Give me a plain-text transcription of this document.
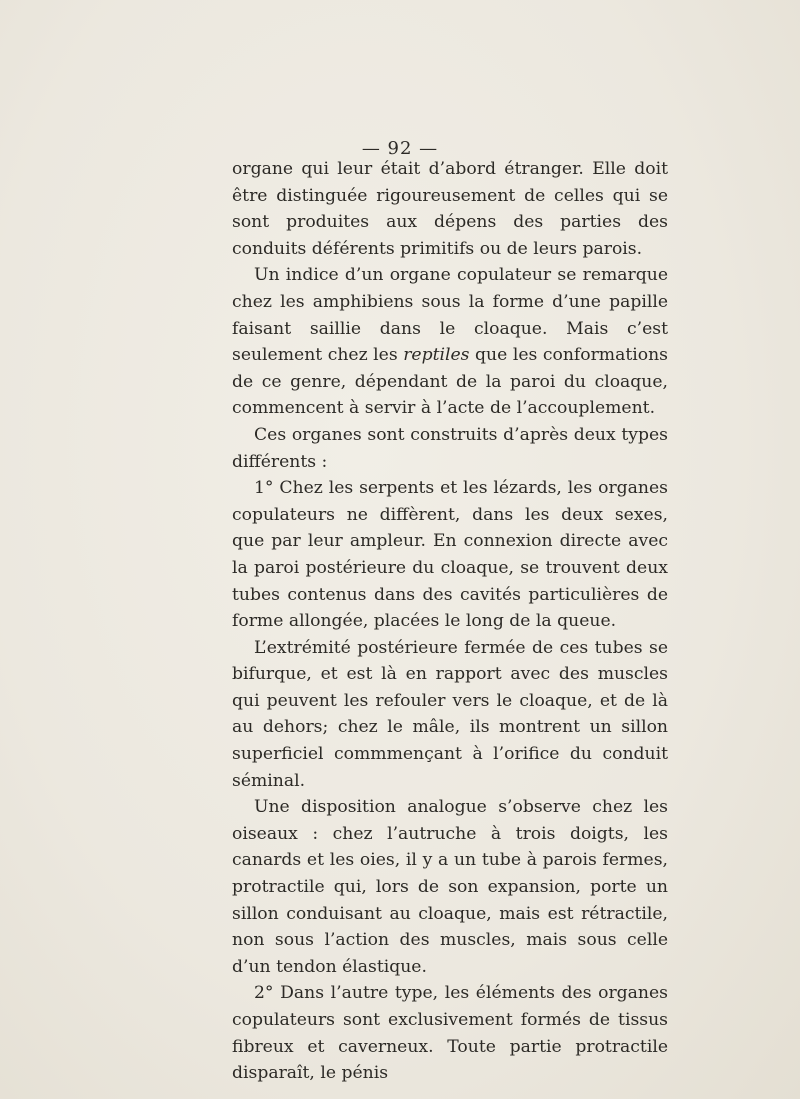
— 92 —

organe qui leur était d’abord étranger. Elle doit être distinguée rigoureusement de celles qui se sont produites aux dépens des parties des conduits déférents primitifs ou de leurs parois.

Un indice d’un organe copulateur se remarque chez les amphibiens sous la forme d’une papille faisant saillie dans le cloaque. Mais c’est seulement chez les reptiles que les conformations de ce genre, dépendant de la paroi du cloaque, commencent à servir à l’acte de l’accouplement.

Ces organes sont construits d’après deux types différents :

1° Chez les serpents et les lézards, les organes copulateurs ne diffèrent, dans les deux sexes, que par leur ampleur. En connexion directe avec la paroi postérieure du cloaque, se trouvent deux tubes contenus dans des cavités particulières de forme allongée, placées le long de la queue.

L’extrémité postérieure fermée de ces tubes se bifurque, et est là en rapport avec des muscles qui peuvent les refouler vers le cloaque, et de là au dehors; chez le mâle, ils montrent un sillon superficiel commmençant à l’orifice du conduit séminal.

Une disposition analogue s’observe chez les oiseaux : chez l’autruche à trois doigts, les canards et les oies, il y a un tube à parois fermes, protractile qui, lors de son expansion, porte un sillon conduisant au cloaque, mais est rétractile, non sous l’action des muscles, mais sous celle d’un tendon élastique.

2° Dans l’autre type, les éléments des organes copulateurs sont exclusivement formés de tissus fibreux et caverneux. Toute partie protractile disparaît, le pénis
